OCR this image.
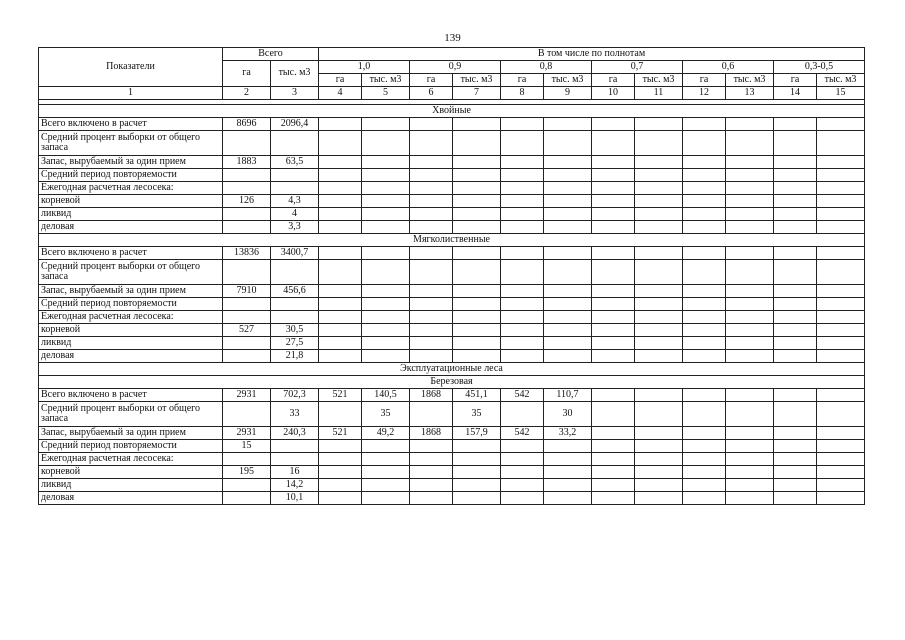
139
Показатели	Всего		В том числе по полнотам											
	га	тыс. м3	1,0		0,9		0,8		0,7		0,6		0,3-0,5	
			га	тыс. м3	га	тыс. м3	га	тыс. м3	га	тыс. м3	га	тыс. м3	га	тыс. м3
1	2	3	4	5	6	7	8	9	10	11	12	13	14	15

Хвойные														
Всего включено в расчет	8696	2096,4												
Средний процент выборки от общего запаса														
Запас, вырубаемый за один прием	1883	63,5												
Средний период повторяемости														
Ежегодная расчетная лесосека:														
корневой	126	4,3												
ликвид		4												
деловая		3,3												
Мягколиственные														
Всего включено в расчет	13836	3400,7												
Средний процент выборки от общего запаса														
Запас, вырубаемый за один прием	7910	456,6												
Средний период повторяемости														
Ежегодная расчетная лесосека:														
корневой	527	30,5												
ликвид		27,5												
деловая		21,8												
Эксплуатационные леса														
Березовая														
Всего включено в расчет	2931	702,3	521	140,5	1868	451,1	542	110,7						
Средний процент выборки от общего запаса		33		35		35		30						
Запас, вырубаемый за один прием	2931	240,3	521	49,2	1868	157,9	542	33,2						
Средний период повторяемости	15													
Ежегодная расчетная лесосека:														
корневой	195	16												
ликвид		14,2												
деловая		10,1												
